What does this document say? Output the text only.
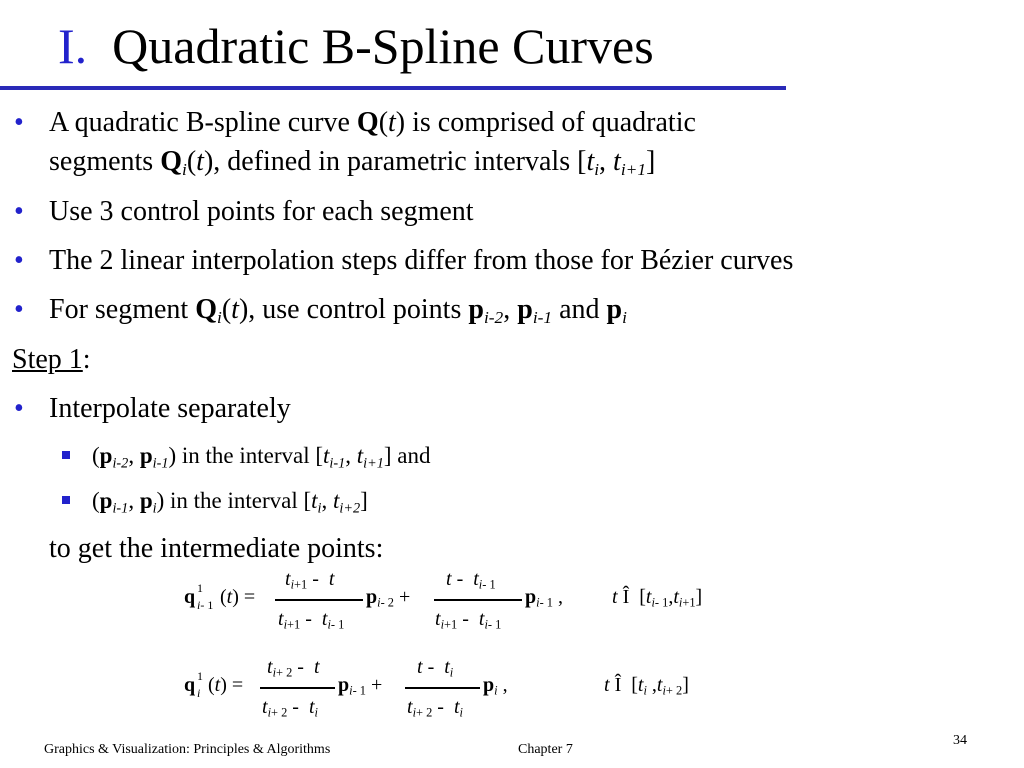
I. Quadratic B-Spline Curves
• A quadratic B-spline curve Q(t) is comprised of quadratic
segments $Q_i(t)$, defined in parametric intervals [$t_i$, $t_{i+1}$]
• Use 3 control points for each segment
• The 2 linear interpolation steps differ from those for Bézier curves
• For segment $Q_i(t)$, use control points $p_{i-2}$, $p_{i-1}$ and $p_i$
Step 1:
• Interpolate separately
($p_{i-2}$, $p_{i-1}$) in the interval [$t_{i-1}$, $t_{i+1}$] and
($p_{i-1}$, $p_i$) in the interval [$t_i$, $t_{i+2}$]
to get the intermediate points:
q 1
i- 1 (t) =
$t_{i+1}$ -  t
$t_{i+1} - t_{i- 1}$
$p_{i- 2}$ +
t -  $t_{i- 1}$
$t_{i+1} - t_{i- 1}$
$p_{i- 1}$ , t Î  $[t_{i- 1},t_{i+1}]$
q 1
i (t) =
$t_{i+ 2}$ -  t
$t_{i+ 2} - t_i$
$p_{i- 1}$ +
t -  $t_i$
$t_{i+ 2} - t_i$
$p_i$ ,	t Î  [$t_i$ $,t_{i+ 2}$]
Graphics & Visualization: Principles & Algorithms	Chapter 7
34
